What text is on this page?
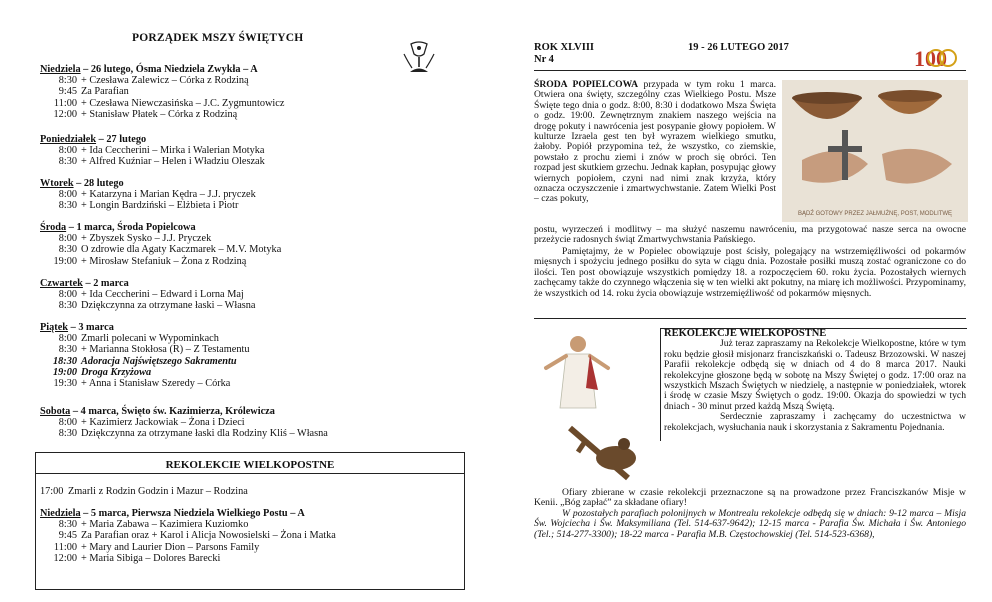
PORZĄDEK MSZY ŚWIĘTYCH
Niedziela – 26 lutego, Ósma Niedziela Zwykła – A
8:30 + Czesława Zalewicz – Córka z Rodziną
9:45 Za Parafian
11:00 + Czesława Niewczasińska – J.C. Zygmuntowicz
12:00 + Stanisław Płatek – Córka z Rodziną
Poniedziałek – 27 lutego
8:00 + Ida Ceccherini – Mirka i Walerian Motyka
8:30 + Alfred Kuźniar – Helen i Władziu Oleszak
Wtorek – 28 lutego
8:00 + Katarzyna i Marian Kędra – J.J. pryczek
8:30 + Longin Bardziński – Elżbieta i Piotr
Środa – 1 marca, Środa Popielcowa
8:00 + Zbyszek Sysko – J.J. Pryczek
8:30 O zdrowie dla Agaty Kaczmarek – M.V. Motyka
19:00 + Mirosław Stefaniuk – Żona z Rodziną
Czwartek – 2 marca
8:00 + Ida Ceccherini – Edward i Lorna Maj
8:30 Dziękczynna za otrzymane łaski – Własna
Piątek – 3 marca
8:00 Zmarli polecani w Wypominkach
8:30 + Marianna Stokłosa (R) – Z Testamentu
18:30 Adoracja Najświętszego Sakramentu
19:00 Droga Krzyżowa
19:30 + Anna i Stanisław Szeredy – Córka
Sobota – 4 marca, Święto św. Kazimierza, Królewicza
8:00 + Kazimierz Jackowiak – Żona i Dzieci
8:30 Dziękczynna za otrzymane łaski dla Rodziny Kliś – Własna
REKOLEKCIE WIELKOPOSTNE
17:00 Zmarli z Rodzin Godzin i Mazur – Rodzina
Niedziela – 5 marca, Pierwsza Niedziela Wielkiego Postu – A
8:30 + Maria Zabawa – Kazimiera Kuziomko
9:45 Za Parafian oraz + Karol i Alicja Nowosielski – Żona i Matka
11:00 + Mary and Laurier Dion – Parsons Family
12:00 + Maria Sibiga – Dolores Barecki
ROK XLVIII
Nr 4
19 - 26 LUTEGO 2017	100
ŚRODA POPIELCOWA przypada w tym roku 1 marca. Otwiera ona święty, szczególny czas Wielkiego Postu. Msze Święte tego dnia o godz. 8:00, 8:30 i dodatkowo Msza Święta o godz. 19:00. Zewnętrznym znakiem naszego wejścia na drogę pokuty i nawrócenia jest posypanie głowy popiołem. W kulturze Izraela gest ten był wyrazem wielkiego smutku, żałoby. Popiół przypomina też, że wszystko, co ziemskie, powstało z prochu ziemi i znów w proch się obróci. Ten rozpad jest skutkiem grzechu. Jednak kapłan, posypując głowy wiernych popiołem, czyni nad nimi znak krzyża, który oznacza oczyszczenie i zmartwychwstanie. Zatem Wielki Post – czas pokuty,
BĄDŹ GOTOWY PRZEZ JAŁMUŻNĘ, POST, MODLITWĘ
postu, wyrzeczeń i modlitwy – ma służyć naszemu nawróceniu, ma przygotować nasze serca na owocne przeżycie radosnych świąt Zmartwychwstania Pańskiego.
Pamiętajmy, że w Popielec obowiązuje post ścisły, polegający na wstrzemięźliwości od pokarmów mięsnych i spożyciu jednego posiłku do syta w ciągu dnia. Pozostałe posiłki muszą zostać ograniczone co do ilości. Ten post obowiązuje wszystkich pomiędzy 18. a rozpoczęciem 60. roku życia. Pozostałych wiernych zachęcamy także do czynnego włączenia się w ten wielki akt pokutny, na miarę ich możliwości. Przypominamy, że wszystkich od 14. roku życia obowiązuje wstrzemięźliwość od pokarmów mięsnych.
REKOLEKCJE WIELKOPOSTNE
Już teraz zapraszamy na Rekolekcje Wielkopostne, które w tym roku będzie głosił misjonarz franciszkański o. Tadeusz Brzozowski. W naszej Parafii rekolekcje odbędą się w dniach od 4 do 8 marca 2017. Nauki rekolekcyjne głoszone będą w sobotę na Mszy Świętej o godz. 17:00 oraz na wszystkich Mszach Świętych w niedzielę, a następnie w poniedziałek, wtorek i środę w czasie Mszy Świętych o godz. 19:00. Okazja do spowiedzi w tych dniach - 30 minut przed każdą Mszą Świętą.
Serdecznie zapraszamy i zachęcamy do uczestnictwa w rekolekcjach, wysłuchania nauk i skorzystania z Sakramentu Pojednania.
Ofiary zbierane w czasie rekolekcji przeznaczone są na prowadzone przez Franciszkanów Misje w Kenii. „Bóg zapłać” za składane ofiary!
W pozostałych parafiach polonijnych w Montrealu rekolekcje odbędą się w dniach: 9-12 marca – Misja Św. Wojciecha i Św. Maksymiliana (Tel. 514-637-9642); 12-15 marca - Parafia Św. Michała i Św. Antoniego (Tel.; 514-277-3300); 18-22 marca - Parafia M.B. Częstochowskiej (Tel. 514-523-6368),
